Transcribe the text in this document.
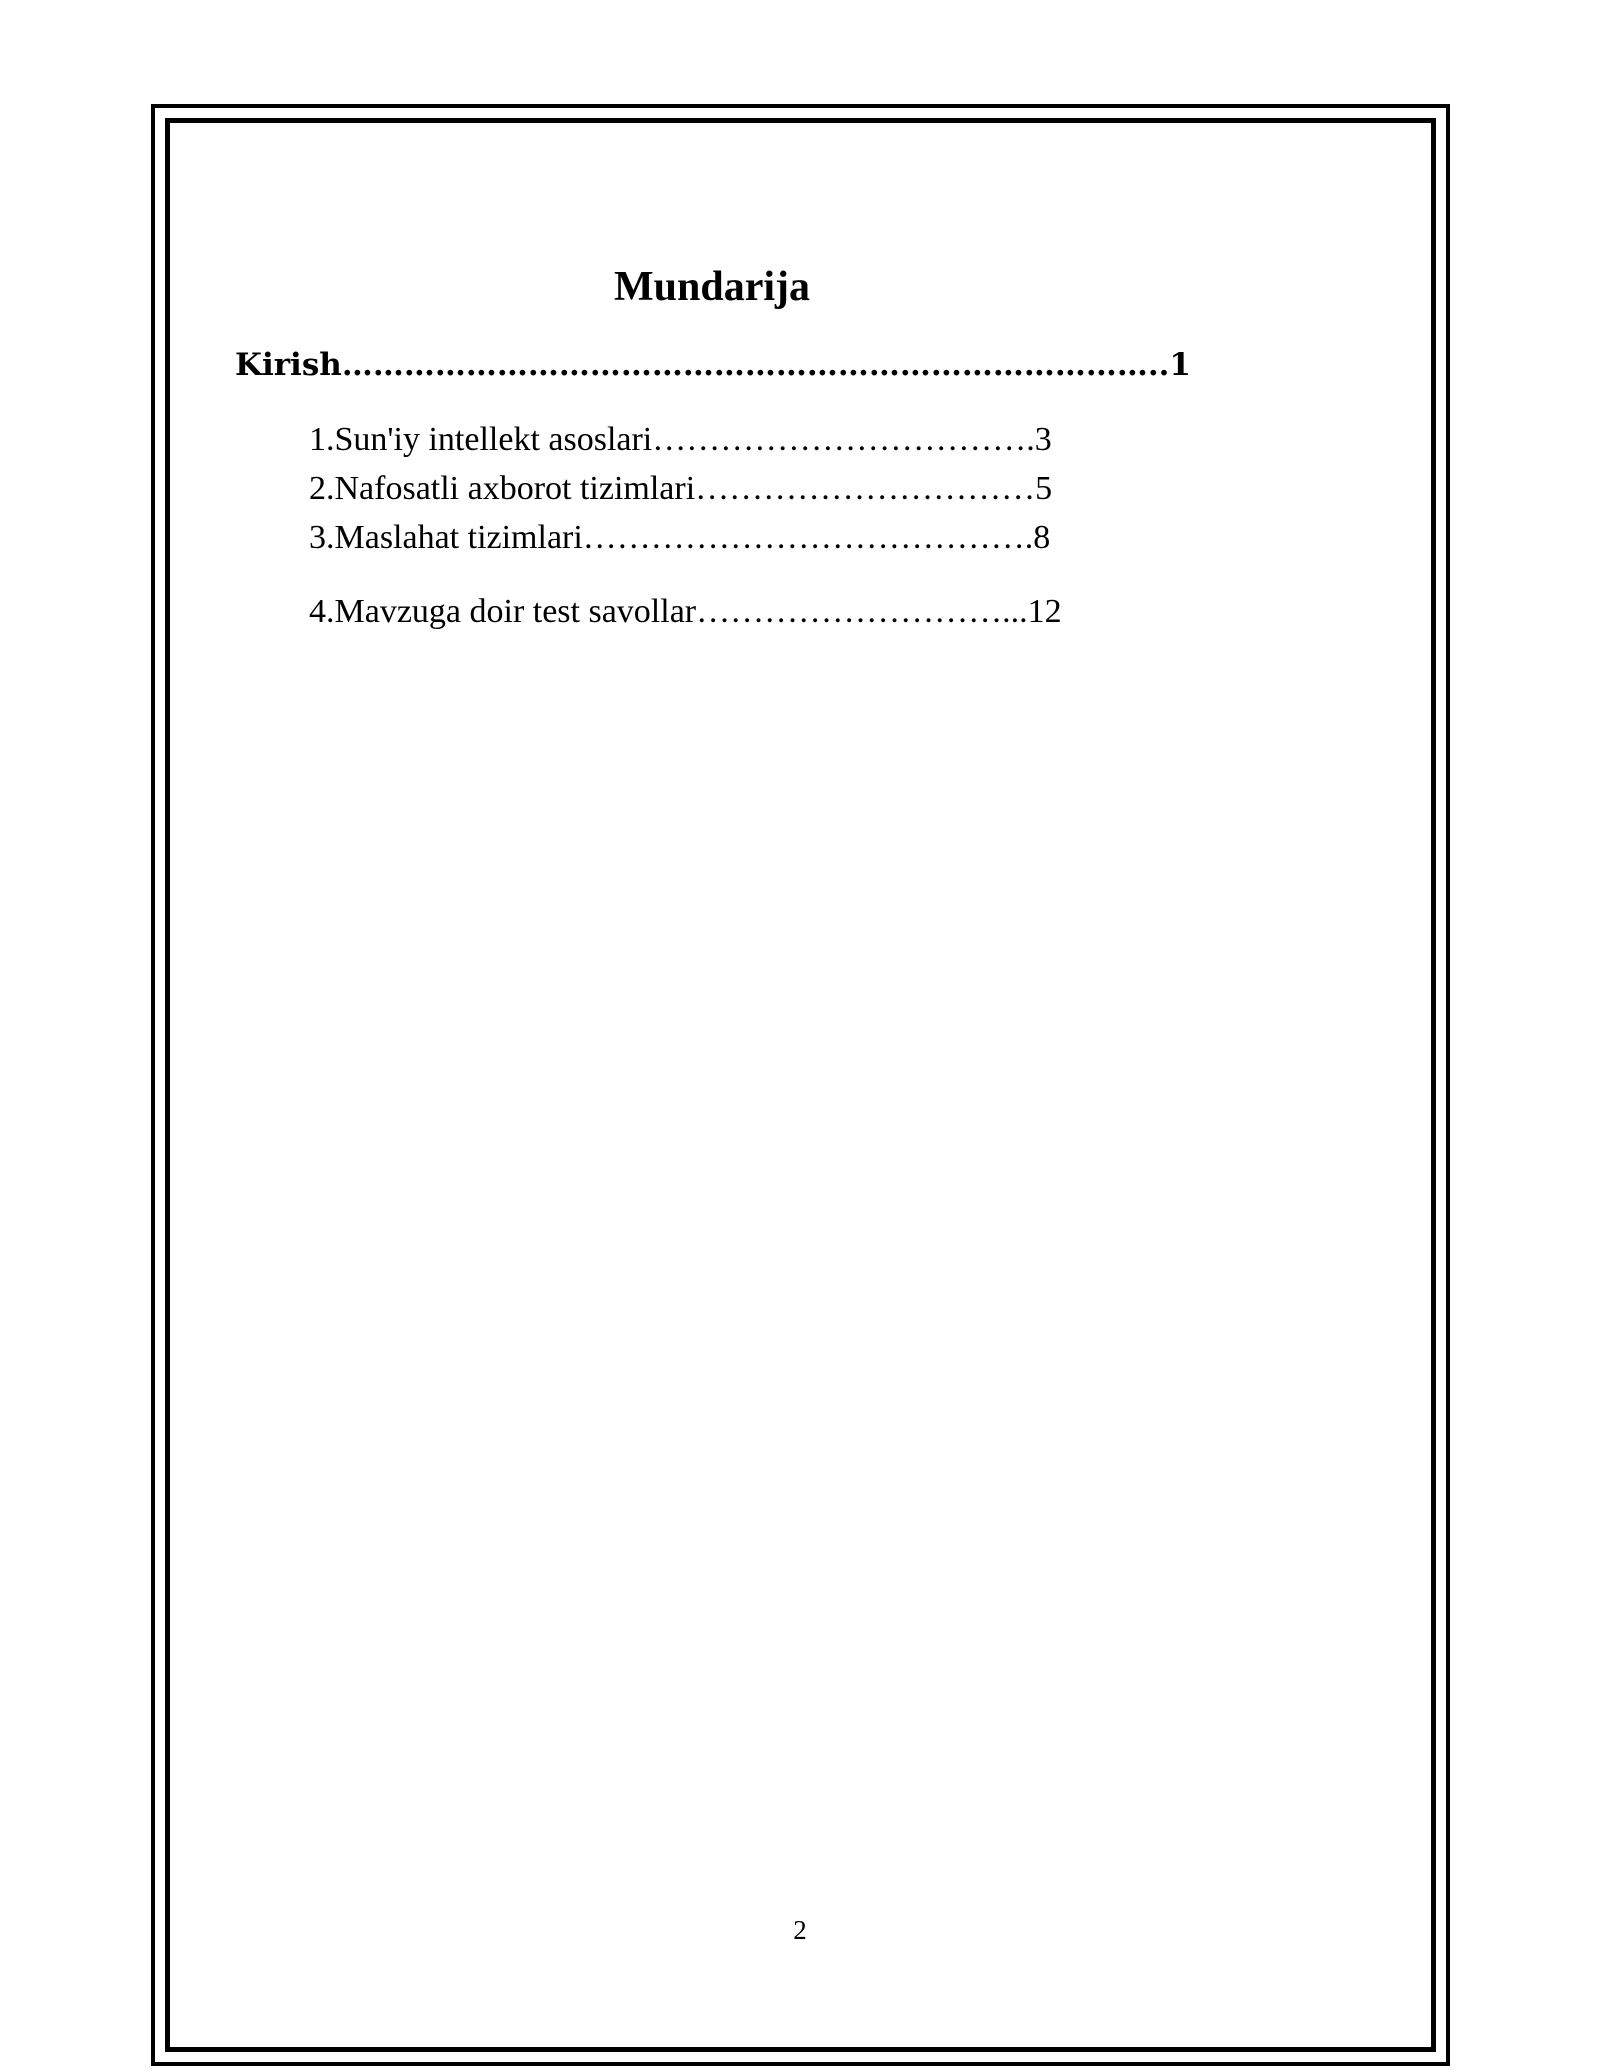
Mundarija
Kirish……………………………………………………………………..1
1.Sun'iy intellekt asoslari…………………………….3
2.Nafosatli axborot tizimlari…………………………5
3.Maslahat tizimlari………………………………….8
4.Mavzuga doir test savollar………………………...12
2
